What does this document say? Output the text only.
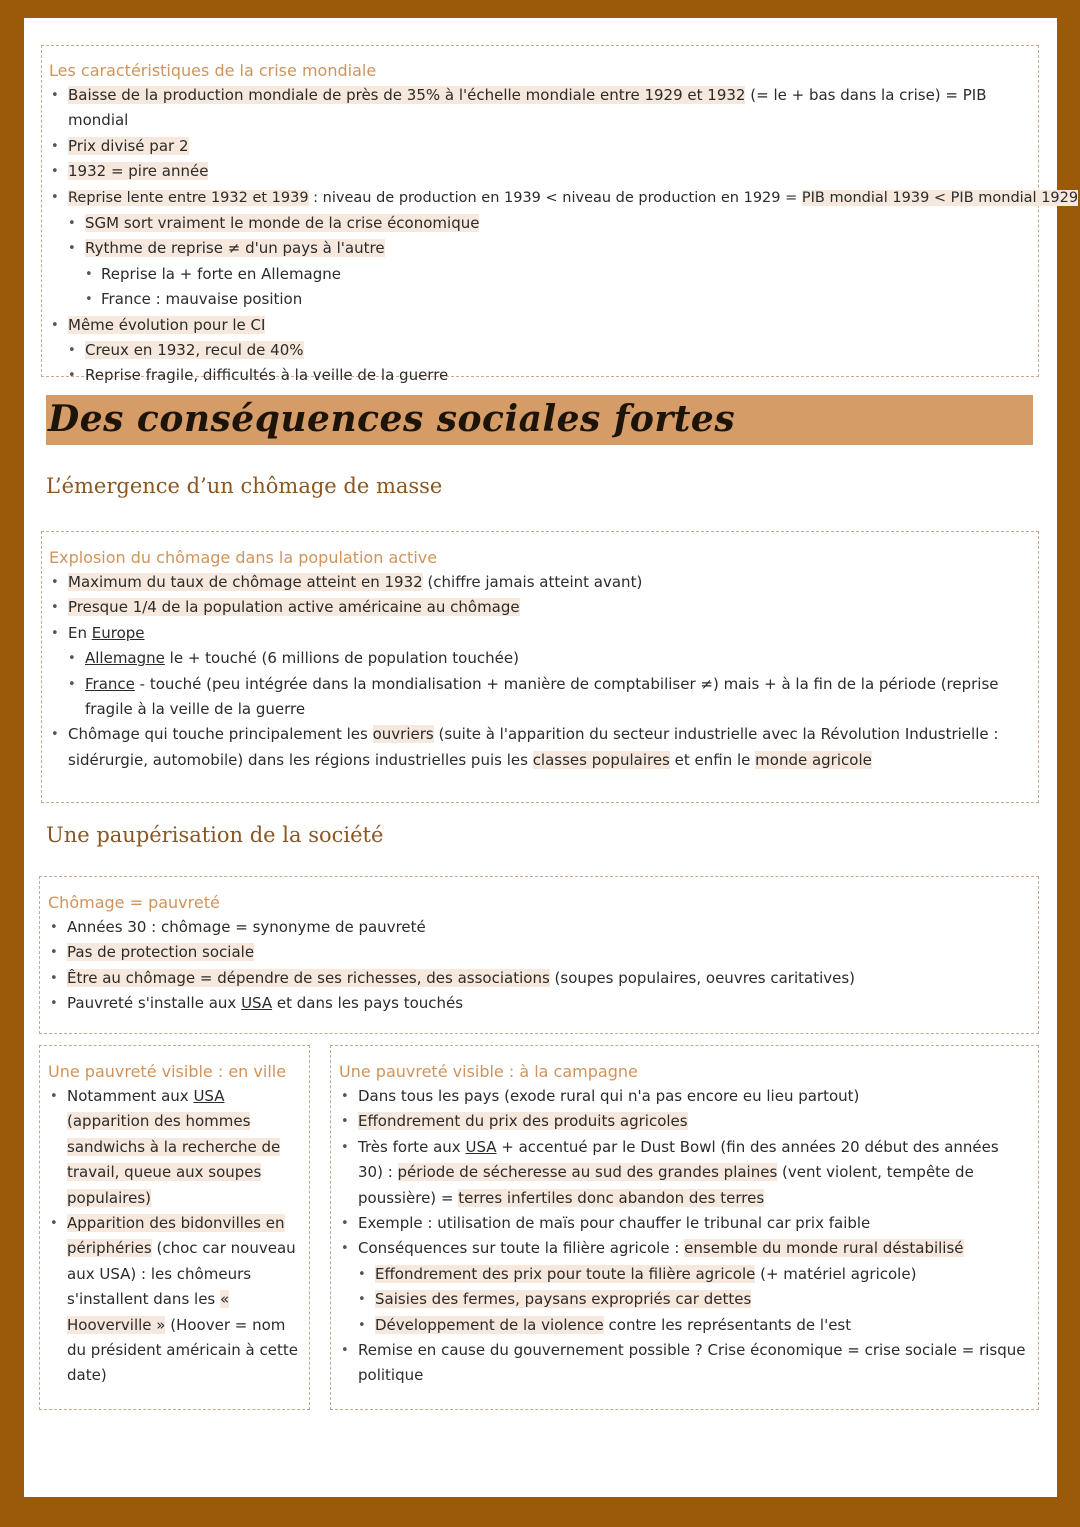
Les caractéristiques de la crise mondiale

• Baisse de la production mondiale de près de 35% à l'échelle mondiale entre 1929 et 1932 (= le + bas dans la crise) = PIB mondial
• Prix divisé par 2
• 1932 = pire année
• Reprise lente entre 1932 et 1939 : niveau de production en 1939 < niveau de production en 1929 = PIB mondial 1939 < PIB mondial 1929
• SGM sort vraiment le monde de la crise économique
• Rythme de reprise ≠ d'un pays à l'autre
• Reprise la + forte en Allemagne
• France : mauvaise position
• Même évolution pour le CI
• Creux en 1932, recul de 40%
• Reprise fragile, difficultés à la veille de la guerre
Des conséquences sociales fortes
L’émergence d’un chômage de masse

Explosion du chômage dans la population active

• Maximum du taux de chômage atteint en 1932 (chiffre jamais atteint avant)
• Presque 1/4 de la population active américaine au chômage
• En Europe
• Allemagne le + touché (6 millions de population touchée)
• France - touché (peu intégrée dans la mondialisation + manière de comptabiliser ≠) mais + à la fin de la période (reprise fragile à la veille de la guerre
• Chômage qui touche principalement les ouvriers (suite à l'apparition du secteur industrielle avec la Révolution Industrielle : sidérurgie, automobile) dans les régions industrielles puis les classes populaires et enfin le monde agricole
Une paupérisation de la société

Chômage = pauvreté

• Années 30 : chômage = synonyme de pauvreté
• Pas de protection sociale
• Être au chômage = dépendre de ses richesses, des associations (soupes populaires, oeuvres caritatives)
• Pauvreté s'installe aux USA et dans les pays touchés

Une pauvreté visible : en ville

• Notamment aux USA (apparition des hommes sandwichs à la recherche de travail, queue aux soupes populaires)
• Apparition des bidonvilles en périphéries (choc car nouveau aux USA) : les chômeurs s'installent dans les « Hooverville » (Hoover = nom du président américain à cette date)

Une pauvreté visible : à la campagne

• Dans tous les pays (exode rural qui n'a pas encore eu lieu partout)
• Effondrement du prix des produits agricoles
• Très forte aux USA + accentué par le Dust Bowl (fin des années 20 début des années 30) : période de sécheresse au sud des grandes plaines (vent violent, tempête de poussière) = terres infertiles donc abandon des terres
• Exemple : utilisation de maïs pour chauffer le tribunal car prix faible
• Conséquences sur toute la filière agricole : ensemble du monde rural déstabilisé
• Effondrement des prix pour toute la filière agricole (+ matériel agricole)
• Saisies des fermes, paysans expropriés car dettes
• Développement de la violence contre les représentants de l'est
• Remise en cause du gouvernement possible ? Crise économique = crise sociale = risque politique
